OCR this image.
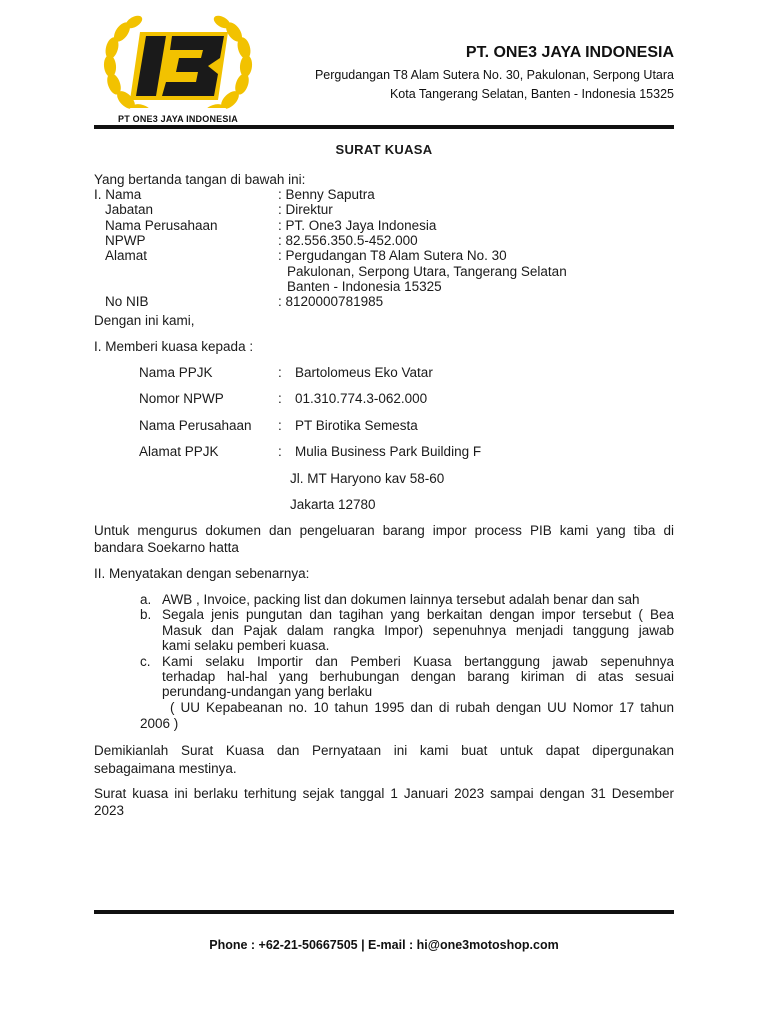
PT ONE3 JAYA INDONESIA
PT. ONE3 JAYA INDONESIA
Pergudangan T8 Alam Sutera No. 30, Pakulonan, Serpong Utara
Kota Tangerang Selatan, Banten - Indonesia 15325
SURAT KUASA
Yang bertanda tangan di bawah ini:
I. Nama	: Benny Saputra
Jabatan	: Direktur
Nama Perusahaan	: PT. One3 Jaya Indonesia
NPWP	: 82.556.350.5-452.000
Alamat	: Pergudangan T8 Alam Sutera No. 30
Pakulonan, Serpong Utara, Tangerang Selatan
Banten - Indonesia 15325
No NIB	: 8120000781985
Dengan ini kami,
I. Memberi kuasa kepada :
Nama PPJK	: Bartolomeus Eko Vatar
Nomor NPWP	: 01.310.774.3-062.000
Nama Perusahaan : PT Birotika Semesta
Alamat PPJK	: Mulia Business Park Building F
Jl. MT Haryono kav 58-60
Jakarta 12780
Untuk mengurus dokumen dan pengeluaran barang impor process PIB kami yang tiba di
bandara Soekarno hatta
II. Menyatakan dengan sebenarnya:
a. AWB , Invoice, packing list dan dokumen lainnya tersebut adalah benar dan sah
b. Segala jenis pungutan dan tagihan yang berkaitan dengan impor tersebut ( Bea
Masuk dan Pajak dalam rangka Impor) sepenuhnya menjadi tanggung jawab
kami selaku pemberi kuasa.
c. Kami selaku Importir dan Pemberi Kuasa bertanggung jawab sepenuhnya
terhadap hal-hal yang berhubungan dengan barang kiriman di atas sesuai
perundang-undangan yang berlaku
( UU Kepabeanan no. 10 tahun 1995 dan di rubah dengan UU Nomor 17 tahun
2006 )
Demikianlah Surat Kuasa dan Pernyataan ini kami buat untuk dapat dipergunakan
sebagaimana mestinya.
Surat kuasa ini berlaku terhitung sejak tanggal 1 Januari 2023 sampai dengan 31 Desember
2023
Phone : +62-21-50667505 | E-mail : hi@one3motoshop.com
